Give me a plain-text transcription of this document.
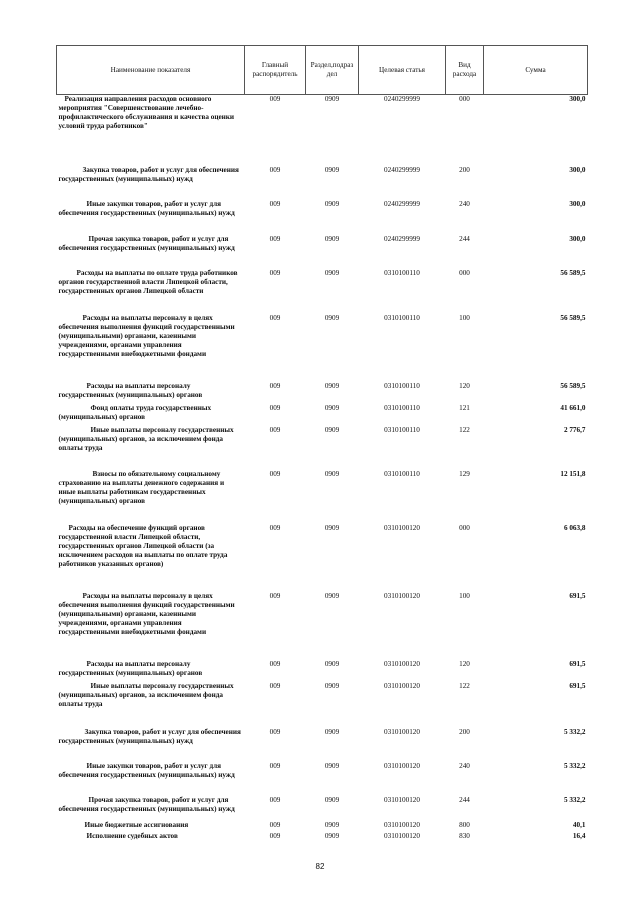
Наименование показателя	Главный распорядитель	Раздел,подраз дел	Целевая статья	Вид расхода	Сумма
Реализация направления расходов основного мероприятия "Совершенствование лечебно-профилактического обслуживания и качества оценки условий труда работников"	009	0909	0240299999	000	300,0
Закупка товаров, работ и услуг для обеспечения государственных (муниципальных) нужд	009	0909	0240299999	200	300,0
Иные закупки товаров, работ и услуг для обеспечения государственных (муниципальных) нужд	009	0909	0240299999	240	300,0
Прочая закупка товаров, работ и услуг для обеспечения государственных (муниципальных) нужд	009	0909	0240299999	244	300,0
Расходы на выплаты по оплате труда работников органов государственной власти Липецкой области, государственных органов Липецкой области	009	0909	0310100110	000	56 589,5
Расходы на выплаты персоналу в целях обеспечения выполнения функций государственными (муниципальными) органами, казенными учреждениями, органами управления государственными внебюджетными фондами	009	0909	0310100110	100	56 589,5
Расходы на выплаты персоналу государственных (муниципальных) органов	009	0909	0310100110	120	56 589,5
Фонд оплаты труда государственных (муниципальных) органов	009	0909	0310100110	121	41 661,0
Иные выплаты персоналу государственных (муниципальных) органов, за исключением фонда оплаты труда	009	0909	0310100110	122	2 776,7
Взносы по обязательному социальному страхованию на выплаты денежного содержания и иные выплаты работникам государственных (муниципальных) органов	009	0909	0310100110	129	12 151,8
Расходы на обеспечение функций органов государственной власти Липецкой области, государственных органов Липецкой области (за исключением расходов на выплаты по оплате труда работников указанных органов)	009	0909	0310100120	000	6 063,8
Расходы на выплаты персоналу в целях обеспечения выполнения функций государственными (муниципальными) органами, казенными учреждениями, органами управления государственными внебюджетными фондами	009	0909	0310100120	100	691,5
Расходы на выплаты персоналу государственных (муниципальных) органов	009	0909	0310100120	120	691,5
Иные выплаты персоналу государственных (муниципальных) органов, за исключением фонда оплаты труда	009	0909	0310100120	122	691,5
Закупка товаров, работ и услуг для обеспечения государственных (муниципальных) нужд	009	0909	0310100120	200	5 332,2
Иные закупки товаров, работ и услуг для обеспечения государственных (муниципальных) нужд	009	0909	0310100120	240	5 332,2
Прочая закупка товаров, работ и услуг для обеспечения государственных (муниципальных) нужд	009	0909	0310100120	244	5 332,2
Иные бюджетные ассигнования	009	0909	0310100120	800	40,1
Исполнение судебных актов	009	0909	0310100120	830	16,4
82
